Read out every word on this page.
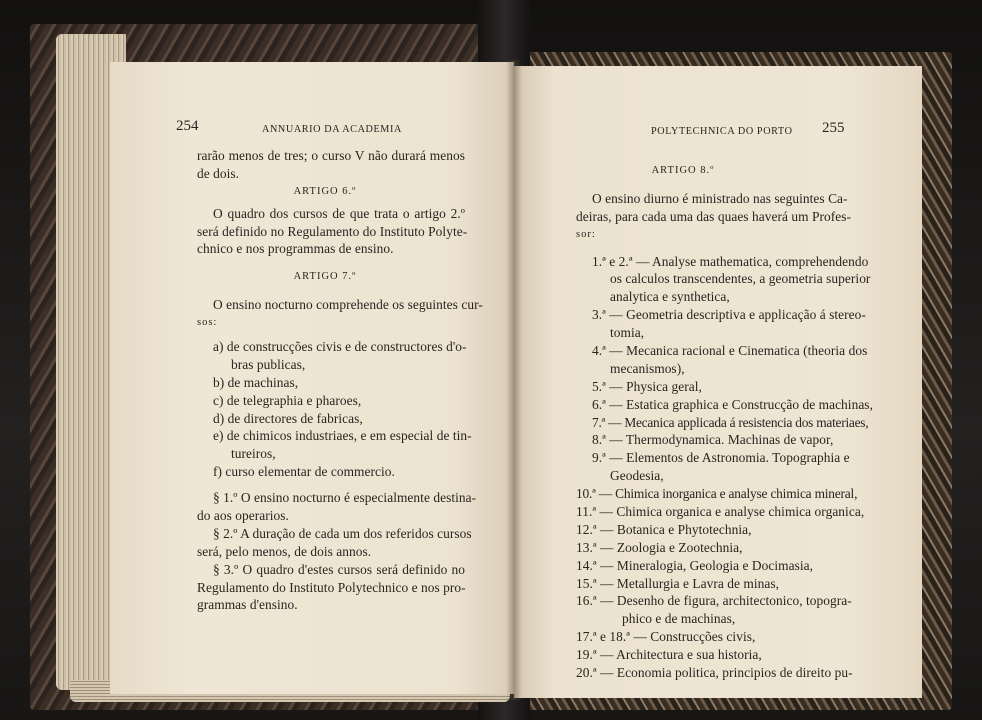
254	ANNUARIO DA ACADEMIA
rarão menos de tres; o curso V não durará menos
de dois.
ARTIGO 6.º
O quadro dos cursos de que trata o artigo 2.º
será definido no Regulamento do Instituto Polyte-
chnico e nos programmas de ensino.
ARTIGO 7.º
O ensino nocturno comprehende os seguintes cur-
sos:
a) de construcções civis e de constructores d'o-
bras publicas,
b) de machinas,
c) de telegraphia e pharoes,
d) de directores de fabricas,
e) de chimicos industriaes, e em especial de tin-
tureiros,
f) curso elementar de commercio.
§ 1.º O ensino nocturno é especialmente destina-
do aos operarios.
§ 2.º A duração de cada um dos referidos cursos
será, pelo menos, de dois annos.
§ 3.º O quadro d'estes cursos será definido no
Regulamento do Instituto Polytechnico e nos pro-
grammas d'ensino.
POLYTECHNICA DO PORTO 255
ARTIGO 8.º
O ensino diurno é ministrado nas seguintes Ca-
deiras, para cada uma das quaes haverá um Profes-
sor:
1.ª e 2.ª — Analyse mathematica, comprehendendo
os calculos transcendentes, a geometria superior
analytica e synthetica,
3.ª — Geometria descriptiva e applicação á stereo-
tomia,
4.ª — Mecanica racional e Cinematica (theoria dos
mecanismos),
5.ª — Physica geral,
6.ª — Estatica graphica e Construcção de machinas,
7.ª — Mecanica applicada á resistencia dos materiaes,
8.ª — Thermodynamica. Machinas de vapor,
9.ª — Elementos de Astronomia. Topographia e
Geodesia,
10.ª — Chimica inorganica e analyse chimica mineral,
11.ª — Chimica organica e analyse chimica organica,
12.ª — Botanica e Phytotechnia,
13.ª — Zoologia e Zootechnia,
14.ª — Mineralogia, Geologia e Docimasia,
15.ª — Metallurgia e Lavra de minas,
16.ª — Desenho de figura, architectonico, topogra-
phico e de machinas,
17.ª e 18.ª — Construcções civis,
19.ª — Architectura e sua historia,
20.ª — Economia politica, principios de direito pu-
